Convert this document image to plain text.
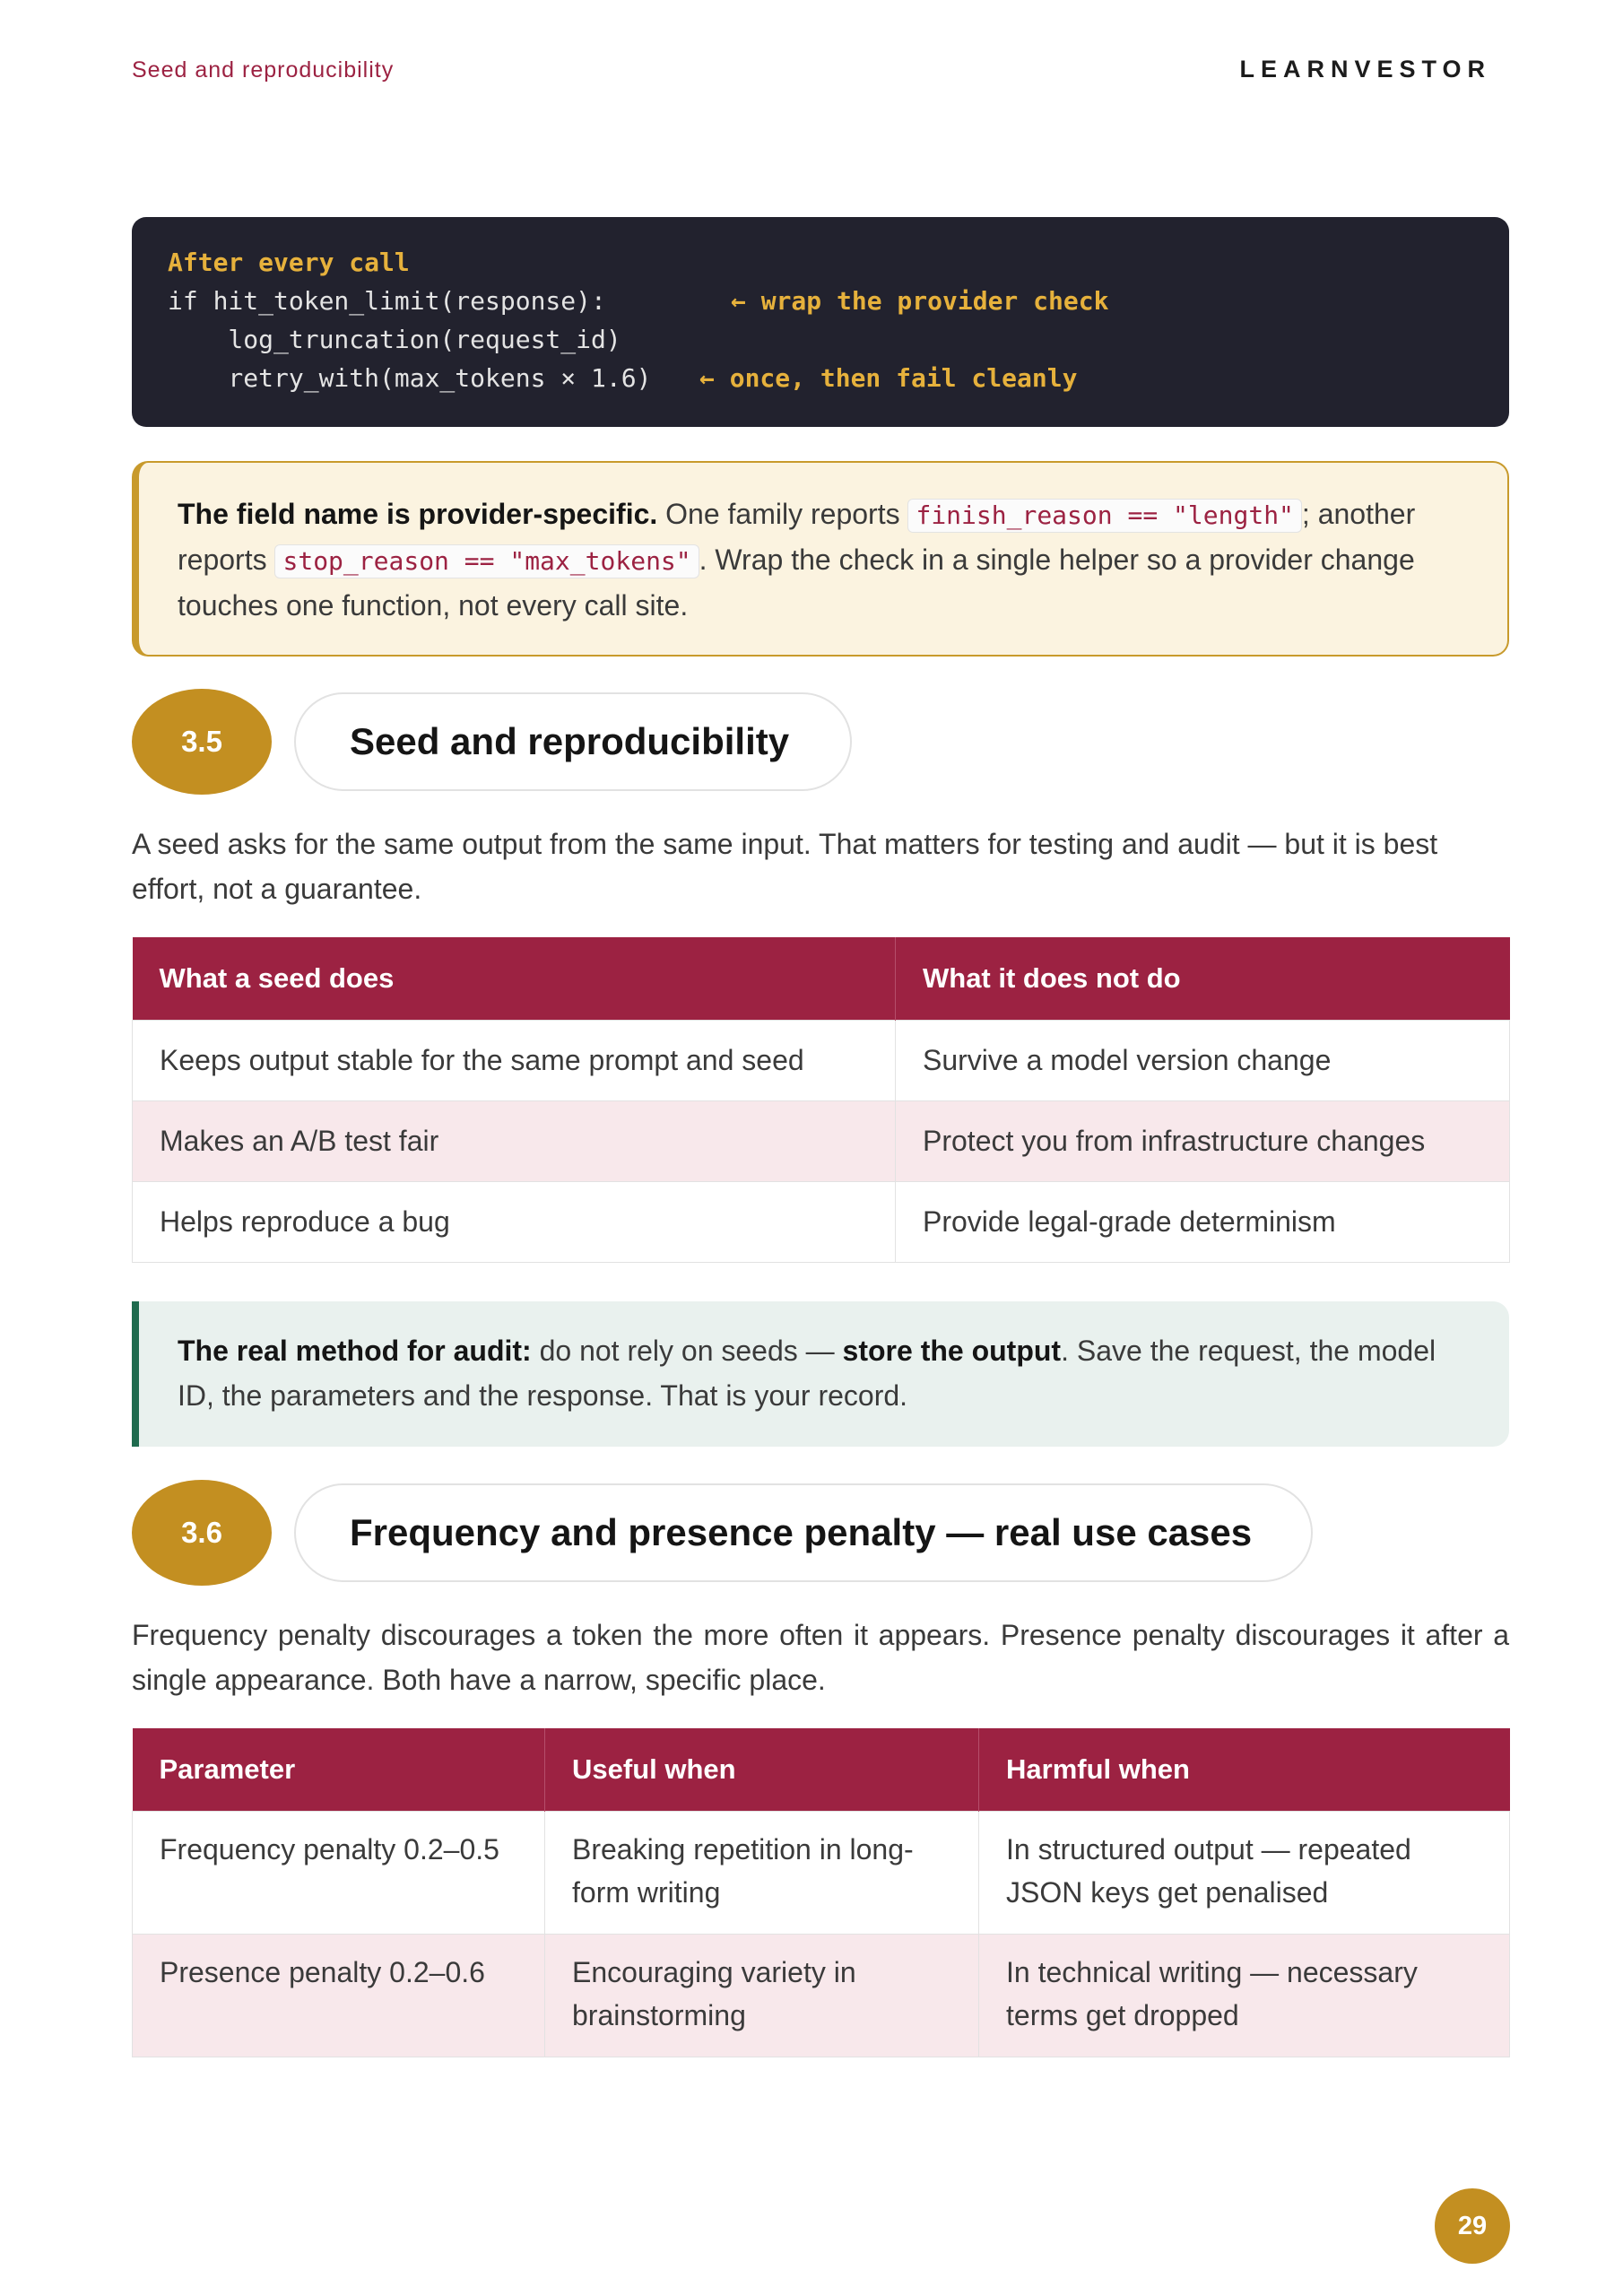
Seed and reproducibility	LEARNVESTOR
After every call
if hit_token_limit(response):	← wrap the provider check
log_truncation(request_id)
retry_with(max_tokens × 1.6) ← once, then fail cleanly
The field name is provider-specific. One family reports finish_reason == "length" ; another reports stop_reason == "max_tokens" . Wrap the check in a single helper so a provider change touches one function, not every call site.
3.5	Seed and reproducibility
A seed asks for the same output from the same input. That matters for testing and audit — but it is best effort, not a guarantee.
What a seed does	What it does not do
Keeps output stable for the same prompt and seed	Survive a model version change
Makes an A/B test fair	Protect you from infrastructure changes
Helps reproduce a bug	Provide legal-grade determinism
The real method for audit: do not rely on seeds — store the output. Save the request, the model ID, the parameters and the response. That is your record.
3.6	Frequency and presence penalty — real use cases
Frequency penalty discourages a token the more often it appears. Presence penalty discourages it after a single appearance. Both have a narrow, specific place.
Parameter	Useful when	Harmful when
Frequency penalty 0.2–0.5	Breaking repetition in long-form writing	In structured output — repeated JSON keys get penalised
Presence penalty 0.2–0.6	Encouraging variety in brainstorming	In technical writing — necessary terms get dropped
29
